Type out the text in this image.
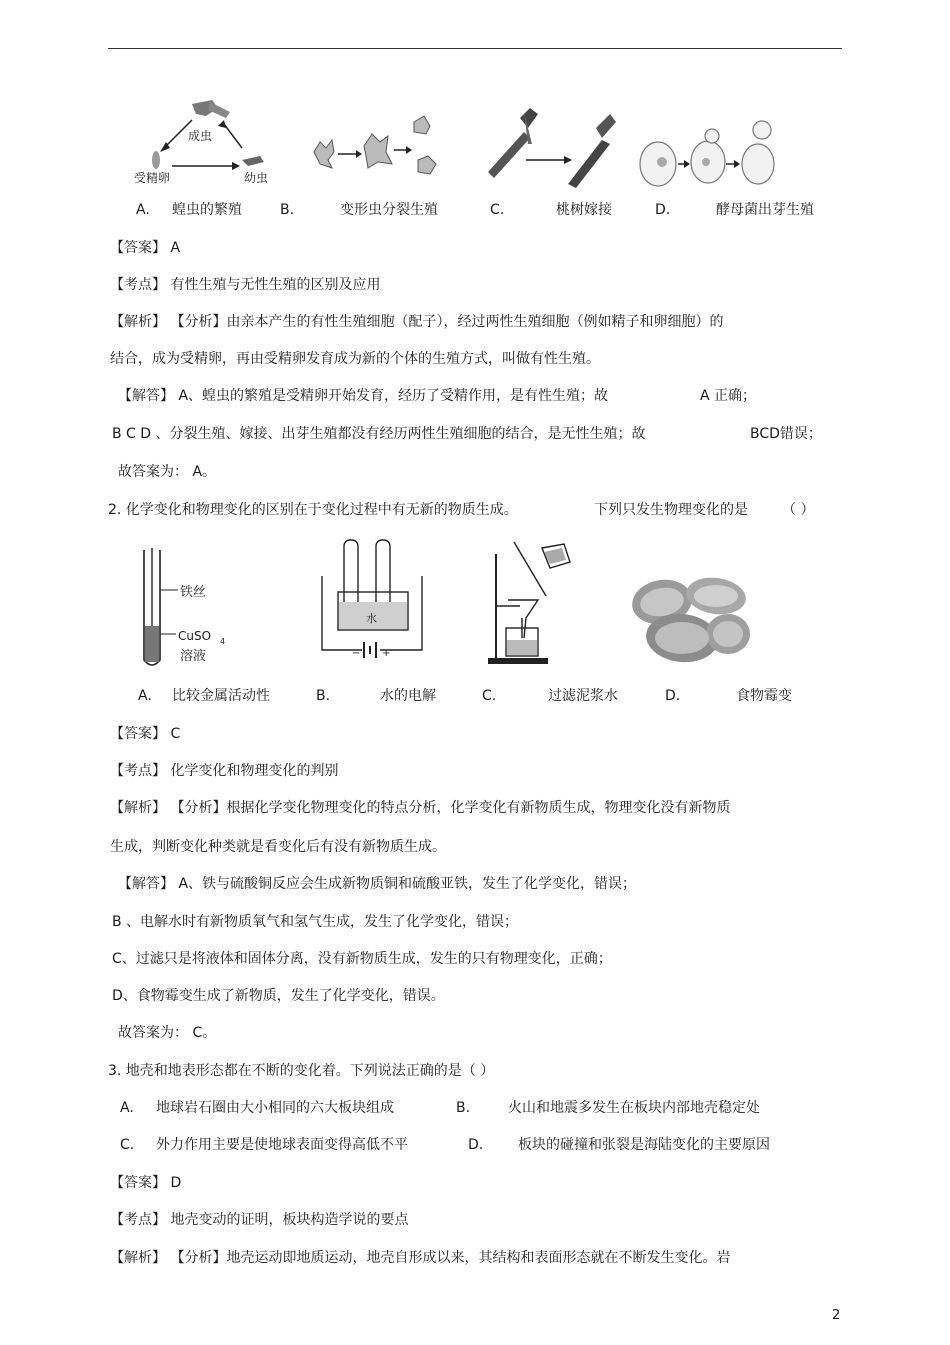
成虫
受精卵	幼虫
A. 蝗虫的繁殖	B.	变形虫分裂生殖	C.	桃树嫁接	D.	酵母菌出芽生殖
【答案】 A
【考点】 有性生殖与无性生殖的区别及应用
【解析】 【分析】由亲本产生的有性生殖细胞（配子），经过两性生殖细胞（例如精子和卵细胞）的
结合，成为受精卵，再由受精卵发育成为新的个体的生殖方式，叫做有性生殖。
【解答】 A、蝗虫的繁殖是受精卵开始发育，经历了受精作用，是有性生殖；故	A 正确；
B C D 、分裂生殖、嫁接、出芽生殖都没有经历两性生殖细胞的结合，是无性生殖；故	BCD错误；
故答案为： A。
2. 化学变化和物理变化的区别在于变化过程中有无新的物质生成。	下列只发生物理变化的是 （ ）
铁丝
CuSO 4
溶液
水
− +
A. 比较金属活动性	B.	水的电解	C.	过滤泥浆水	D.	食物霉变
【答案】 C
【考点】 化学变化和物理变化的判别
【解析】 【分析】根据化学变化物理变化的特点分析，化学变化有新物质生成，物理变化没有新物质
生成，判断变化种类就是看变化后有没有新物质生成。
【解答】 A、铁与硫酸铜反应会生成新物质铜和硫酸亚铁，发生了化学变化，错误；
B 、电解水时有新物质氧气和氢气生成，发生了化学变化，错误；
C、过滤只是将液体和固体分离，没有新物质生成，发生的只有物理变化，正确；
D、食物霉变生成了新物质，发生了化学变化，错误。
故答案为： C。
3. 地壳和地表形态都在不断的变化着。下列说法正确的是（ ）
A. 地球岩石圈由大小相同的六大板块组成	B.	火山和地震多发生在板块内部地壳稳定处
C. 外力作用主要是使地球表面变得高低不平	D. 板块的碰撞和张裂是海陆变化的主要原因
【答案】 D
【考点】 地壳变动的证明，板块构造学说的要点
【解析】 【分析】地壳运动即地质运动，地壳自形成以来，其结构和表面形态就在不断发生变化。岩
2
